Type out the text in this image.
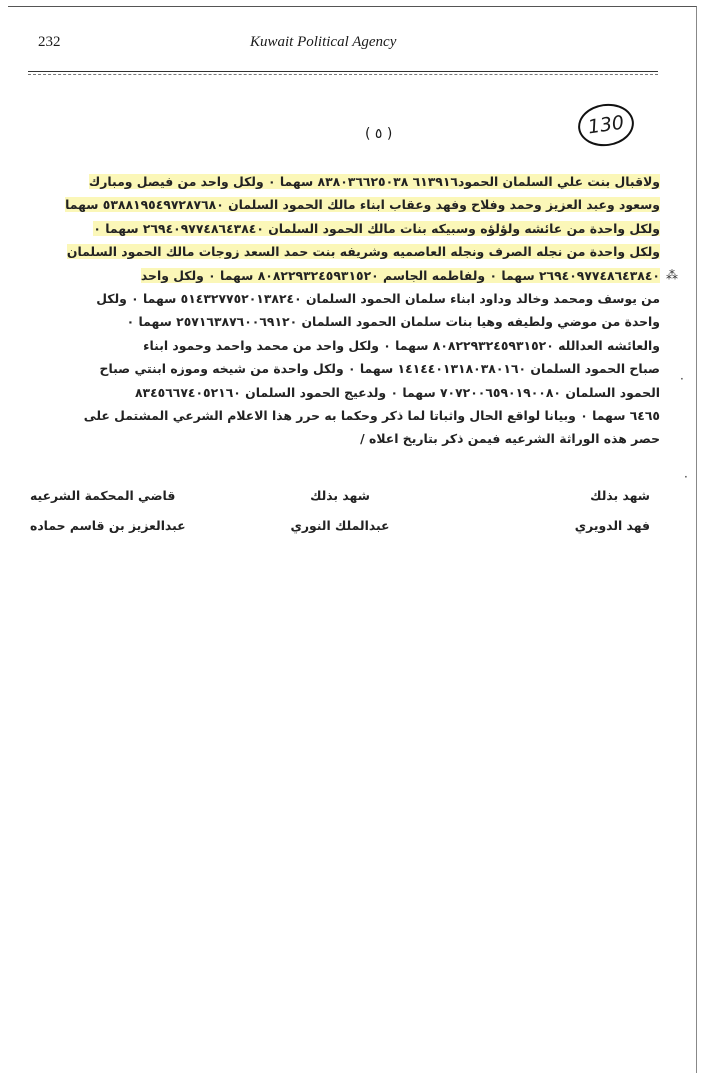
232	Kuwait Political Agency
130
( ٥ )
ولاقبال بنت علي السلمان الحمود٦١٣٩١٦ ٨٣٨٠٣٦٦٢٥٠٣٨ سهما ٠ ولكل واحد من فيصل ومبارك
وسعود وعبد العزيز وحمد وفلاح وفهد وعقاب ابناء مالك الحمود السلمان ٥٣٨٨١٩٥٤٩٧٢٨٧٦٨٠ سهما
ولكل واحدة من عائشه ولؤلؤه وسبيكه بنات مالك الحمود السلمان ٢٦٩٤٠٩٧٧٤٨٦٤٣٨٤٠ سهما ٠
ولكل واحدة من نجله الصرف ونجله العاصميه وشريفه بنت حمد السعد زوجات مالك الحمود السلمان
٢٦٩٤٠٩٧٧٤٨٦٤٣٨٤٠ سهما ٠ ولفاطمه الجاسم ٨٠٨٢٢٩٣٢٤٥٩٣١٥٢٠ سهما ٠ ولكل واحد
من يوسف ومحمد وخالد وداود ابناء سلمان الحمود السلمان ٥١٤٣٢٧٧٥٢٠١٣٨٢٤٠ سهما ٠ ولكل
واحدة من موضي ولطيفه وهيا بنات سلمان الحمود السلمان ٢٥٧١٦٣٨٧٦٠٠٦٩١٢٠ سهما ٠
والعائشه العدالله ٨٠٨٢٢٩٣٢٤٥٩٣١٥٢٠ سهما ٠ ولكل واحد من محمد واحمد وحمود ابناء
صباح الحمود السلمان ١٤١٤٤٠١٣١٨٠٣٨٠١٦٠ سهما ٠ ولكل واحدة من شيخه وموزه ابنتي صباح
الحمود السلمان ٧٠٧٢٠٠٦٥٩٠١٩٠٠٨٠ سهما ٠ ولدعيج الحمود السلمان ٨٣٤٥٦٦٧٤٠٥٢١٦٠
٦٤٦٥ سهما ٠ وبيانا لواقع الحال واثباتا لما ذكر وحكما به حرر هذا الاعلام الشرعي المشتمل على
حصر هذه الوراثة الشرعيه فيمن ذكر بتاريخ اعلاه /
شهد بذلك
شهد بذلك
قاضي المحكمة الشرعيه
فهد الدويري
عبدالملك النوري
عبدالعزيز بن قاسم حماده
⁂
·
·
